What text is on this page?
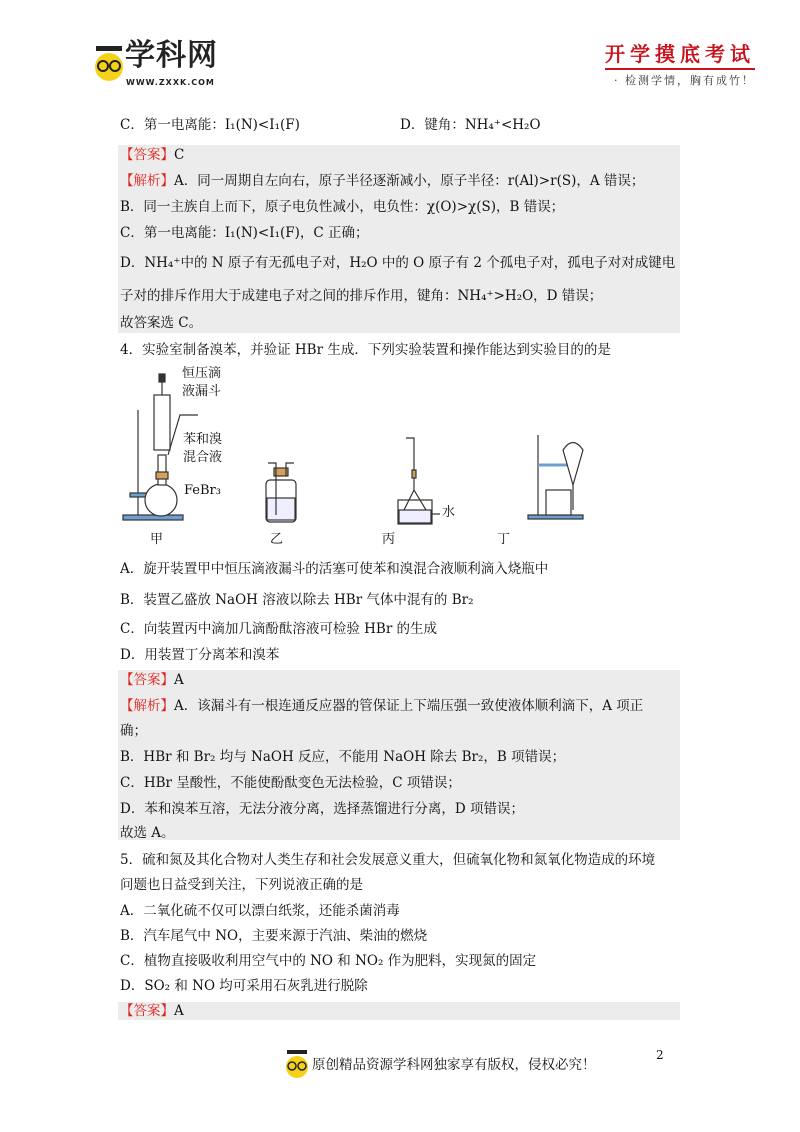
学科网
WWW.ZXXK.COM
开学摸底考试
· 检测学情，胸有成竹！
C．第一电离能：I₁(N)<I₁(F)	D．键角：NH₄⁺<H₂O
【答案】C
【解析】A．同一周期自左向右，原子半径逐渐减小，原子半径：r(Al)>r(S)，A 错误；
B．同一主族自上而下，原子电负性减小，电负性：χ(O)>χ(S)，B 错误；
C．第一电离能：I₁(N)<I₁(F)，C 正确；
D．NH₄⁺中的 N 原子有无孤电子对，H₂O 中的 O 原子有 2 个孤电子对，孤电子对对成键电
子对的排斥作用大于成建电子对之间的排斥作用，键角：NH₄⁺>H₂O，D 错误；
故答案选 C。
4．实验室制备溴苯，并验证 HBr 生成．下列实验装置和操作能达到实验目的的是
恒压滴
液漏斗
苯和溴
混合液
FeBr₃
水
甲	乙	丙	丁
A．旋开装置甲中恒压滴液漏斗的活塞可使苯和溴混合液顺利滴入烧瓶中
B．装置乙盛放 NaOH 溶液以除去 HBr 气体中混有的 Br₂
C．向装置丙中滴加几滴酚酞溶液可检验 HBr 的生成
D．用装置丁分离苯和溴苯
【答案】A
【解析】A．该漏斗有一根连通反应器的管保证上下端压强一致使液体顺利滴下，A 项正
确；
B．HBr 和 Br₂ 均与 NaOH 反应，不能用 NaOH 除去 Br₂，B 项错误；
C．HBr 呈酸性，不能使酚酞变色无法检验，C 项错误；
D．苯和溴苯互溶，无法分液分离，选择蒸馏进行分离，D 项错误；
故选 A。
5．硫和氮及其化合物对人类生存和社会发展意义重大，但硫氧化物和氮氧化物造成的环境
问题也日益受到关注，下列说液正确的是
A．二氧化硫不仅可以漂白纸浆，还能杀菌消毒
B．汽车尾气中 NO，主要来源于汽油、柴油的燃烧
C．植物直接吸收利用空气中的 NO 和 NO₂ 作为肥料，实现氮的固定
D．SO₂ 和 NO 均可采用石灰乳进行脱除
【答案】A
原创精品资源学科网独家享有版权，侵权必究！
2
